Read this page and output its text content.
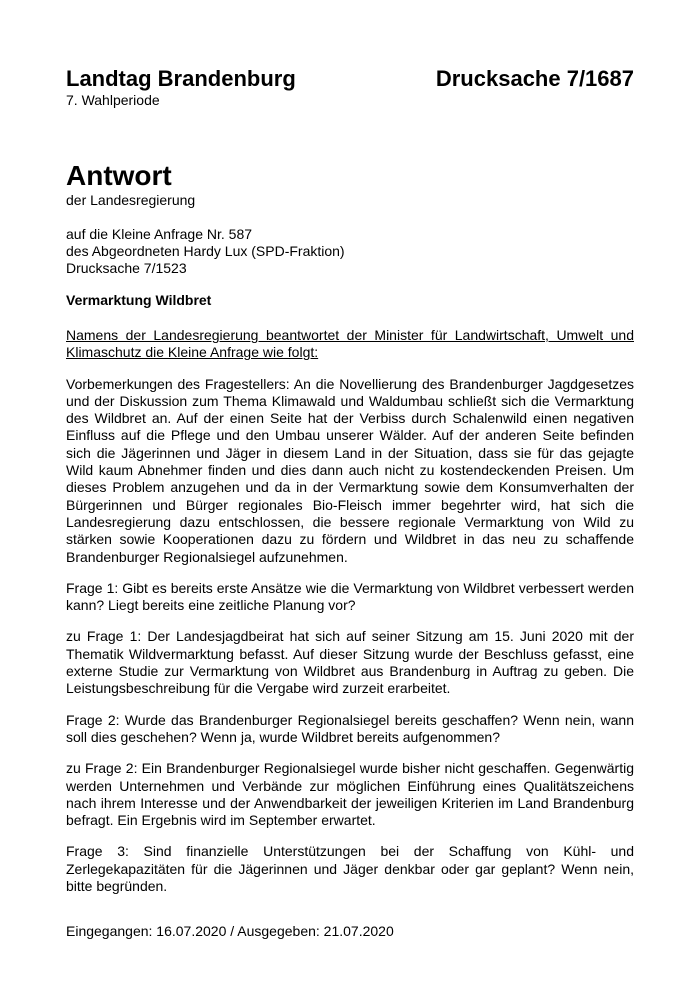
Landtag Brandenburg
7. Wahlperiode
Drucksache 7/1687
Antwort
der Landesregierung
auf die Kleine Anfrage Nr. 587
des Abgeordneten Hardy Lux (SPD-Fraktion)
Drucksache 7/1523
Vermarktung Wildbret

Namens der Landesregierung beantwortet der Minister für Landwirtschaft, Umwelt und Klimaschutz die Kleine Anfrage wie folgt:

Vorbemerkungen des Fragestellers: An die Novellierung des Brandenburger Jagdgesetzes und der Diskussion zum Thema Klimawald und Waldumbau schließt sich die Vermarktung des Wildbret an. Auf der einen Seite hat der Verbiss durch Schalenwild einen negativen Einfluss auf die Pflege und den Umbau unserer Wälder. Auf der anderen Seite befinden sich die Jägerinnen und Jäger in diesem Land in der Situation, dass sie für das gejagte Wild kaum Abnehmer finden und dies dann auch nicht zu kostendeckenden Preisen. Um dieses Problem anzugehen und da in der Vermarktung sowie dem Konsumverhalten der Bürgerinnen und Bürger regionales Bio-Fleisch immer begehrter wird, hat sich die Landesregierung dazu entschlossen, die bessere regionale Vermarktung von Wild zu stärken sowie Kooperationen dazu zu fördern und Wildbret in das neu zu schaffende Brandenburger Regionalsiegel aufzunehmen.

Frage 1: Gibt es bereits erste Ansätze wie die Vermarktung von Wildbret verbessert werden kann? Liegt bereits eine zeitliche Planung vor?

zu Frage 1: Der Landesjagdbeirat hat sich auf seiner Sitzung am 15. Juni 2020 mit der Thematik Wildvermarktung befasst. Auf dieser Sitzung wurde der Beschluss gefasst, eine externe Studie zur Vermarktung von Wildbret aus Brandenburg in Auftrag zu geben. Die Leistungsbeschreibung für die Vergabe wird zurzeit erarbeitet.

Frage 2: Wurde das Brandenburger Regionalsiegel bereits geschaffen? Wenn nein, wann soll dies geschehen? Wenn ja, wurde Wildbret bereits aufgenommen?

zu Frage 2: Ein Brandenburger Regionalsiegel wurde bisher nicht geschaffen. Gegenwärtig werden Unternehmen und Verbände zur möglichen Einführung eines Qualitätszeichens nach ihrem Interesse und der Anwendbarkeit der jeweiligen Kriterien im Land Brandenburg befragt. Ein Ergebnis wird im September erwartet.

Frage 3: Sind finanzielle Unterstützungen bei der Schaffung von Kühl- und Zerlegekapazitäten für die Jägerinnen und Jäger denkbar oder gar geplant? Wenn nein, bitte begründen.

Eingegangen: 16.07.2020 / Ausgegeben: 21.07.2020
